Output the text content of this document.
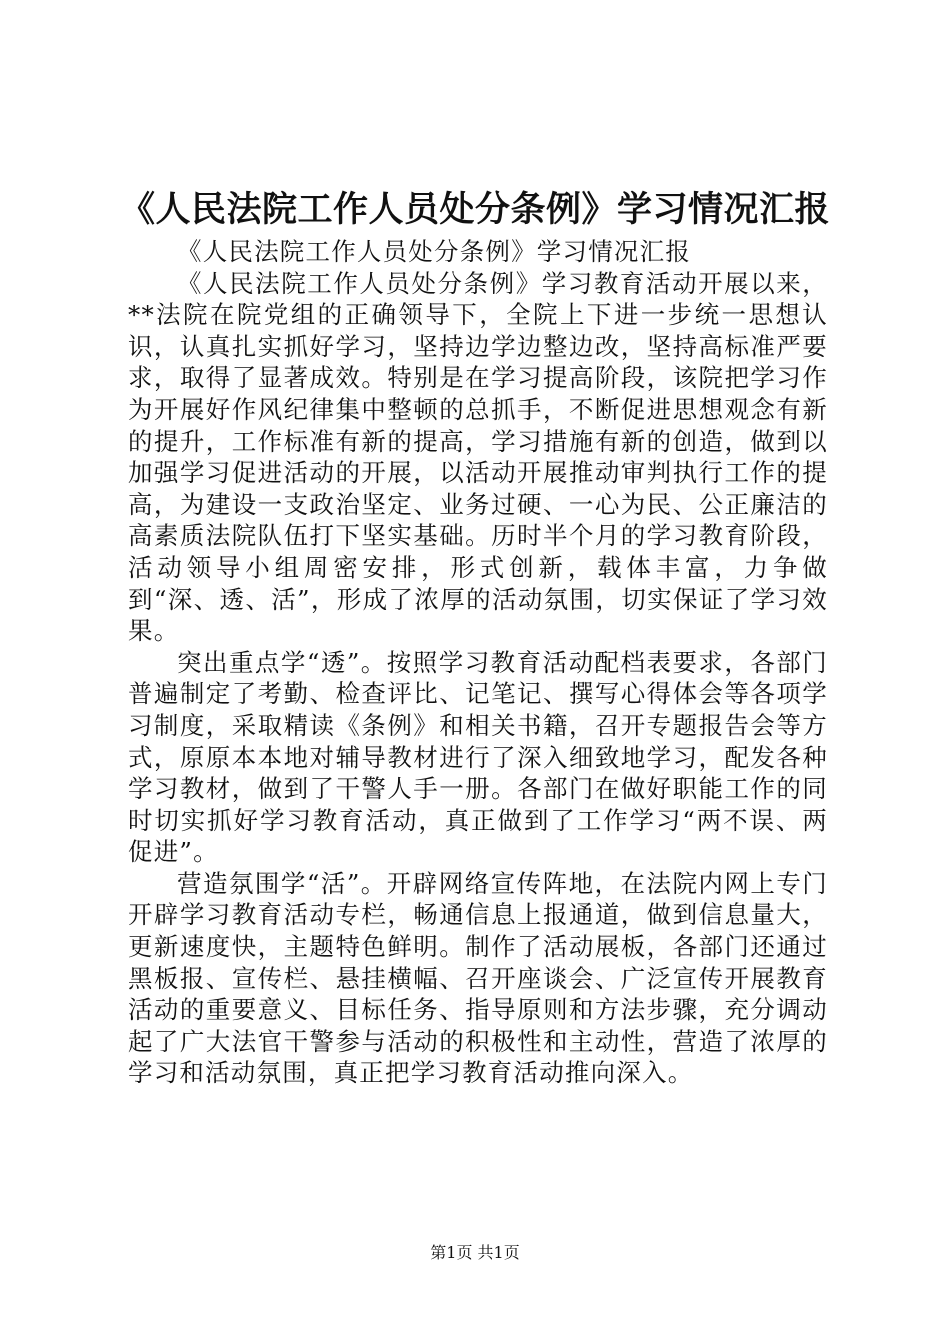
《人民法院工作人员处分条例》学习情况汇报

《人民法院工作人员处分条例》学习情况汇报

《人民法院工作人员处分条例》学习教育活动开展以来，**法院在院党组的正确领导下，全院上下进一步统一思想认识，认真扎实抓好学习，坚持边学边整边改，坚持高标准严要求，取得了显著成效。特别是在学习提高阶段，该院把学习作为开展好作风纪律集中整顿的总抓手，不断促进思想观念有新的提升，工作标准有新的提高，学习措施有新的创造，做到以加强学习促进活动的开展，以活动开展推动审判执行工作的提高，为建设一支政治坚定、业务过硬、一心为民、公正廉洁的高素质法院队伍打下坚实基础。历时半个月的学习教育阶段，活动领导小组周密安排，形式创新，载体丰富，力争做到“深、透、活”，形成了浓厚的活动氛围，切实保证了学习效果。

突出重点学“透”。按照学习教育活动配档表要求，各部门普遍制定了考勤、检查评比、记笔记、撰写心得体会等各项学习制度，采取精读《条例》和相关书籍，召开专题报告会等方式，原原本本地对辅导教材进行了深入细致地学习，配发各种学习教材，做到了干警人手一册。各部门在做好职能工作的同时切实抓好学习教育活动，真正做到了工作学习“两不误、两促进”。

营造氛围学“活”。开辟网络宣传阵地，在法院内网上专门开辟学习教育活动专栏，畅通信息上报通道，做到信息量大，更新速度快，主题特色鲜明。制作了活动展板，各部门还通过黑板报、宣传栏、悬挂横幅、召开座谈会、广泛宣传开展教育活动的重要意义、目标任务、指导原则和方法步骤，充分调动起了广大法官干警参与活动的积极性和主动性，营造了浓厚的学习和活动氛围，真正把学习教育活动推向深入。

第1页 共1页
